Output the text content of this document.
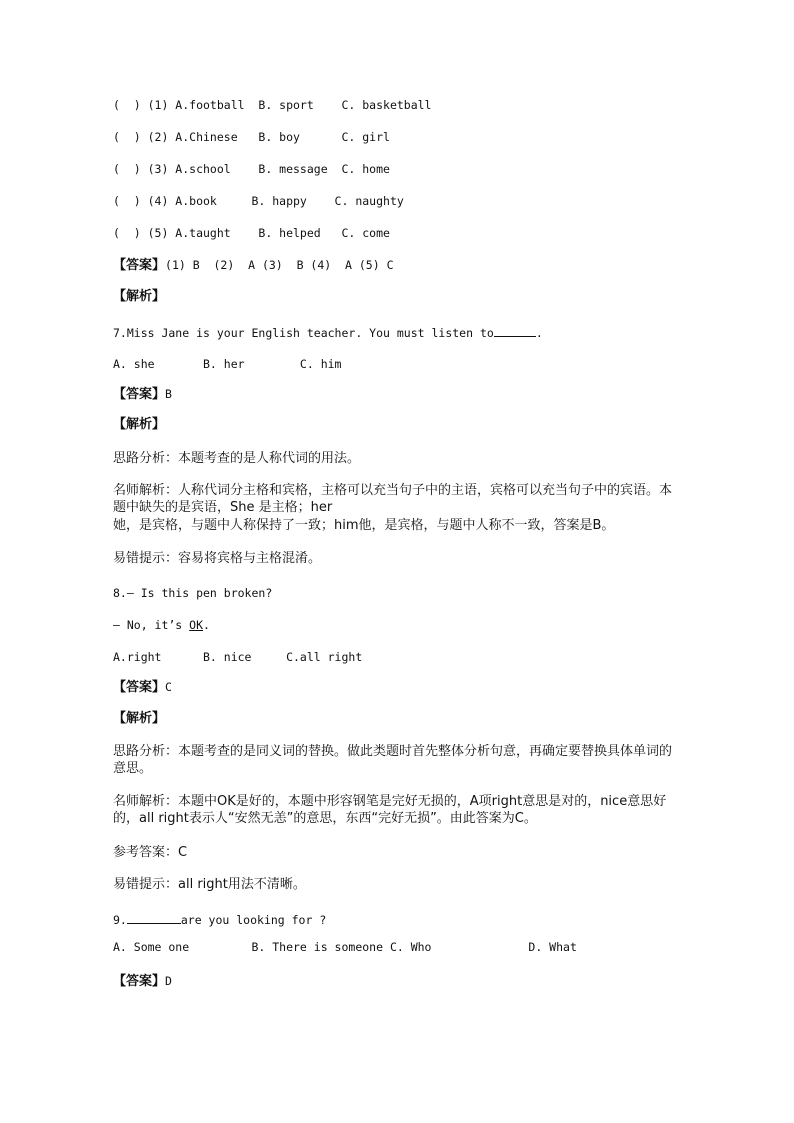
(  ) (1) A.football  B. sport    C. basketball
(  ) (2) A.Chinese   B. boy      C. girl
(  ) (3) A.school    B. message  C. home
(  ) (4) A.book     B. happy    C. naughty
(  ) (5) A.taught    B. helped   C. come
【答案】(1) B  (2)  A (3)  B (4)  A (5) C
【解析】
7.Miss Jane is your English teacher. You must listen to	.
A. she       B. her        C. him
【答案】B
【解析】
思路分析：本题考查的是人称代词的用法。
名师解析：人称代词分主格和宾格，主格可以充当句子中的主语，宾格可以充当句子中的宾语。本题中缺失的是宾语，She 是主格；her
她，是宾格，与题中人称保持了一致；him他，是宾格，与题中人称不一致，答案是B。
易错提示：容易将宾格与主格混淆。
8.— Is this pen broken?
— No, it’s OK.
A.right      B. nice     C.all right
【答案】C
【解析】
思路分析：本题考查的是同义词的替换。做此类题时首先整体分析句意，再确定要替换具体单词的意思。
名师解析：本题中OK是好的，本题中形容钢笔是完好无损的，A项right意思是对的，nice意思好的，all right表示人“安然无恙”的意思，东西“完好无损”。由此答案为C。
参考答案：C
易错提示：all right用法不清晰。
9.	are you looking for ?
A. Some one         B. There is someone C. Who              D. What
【答案】D
